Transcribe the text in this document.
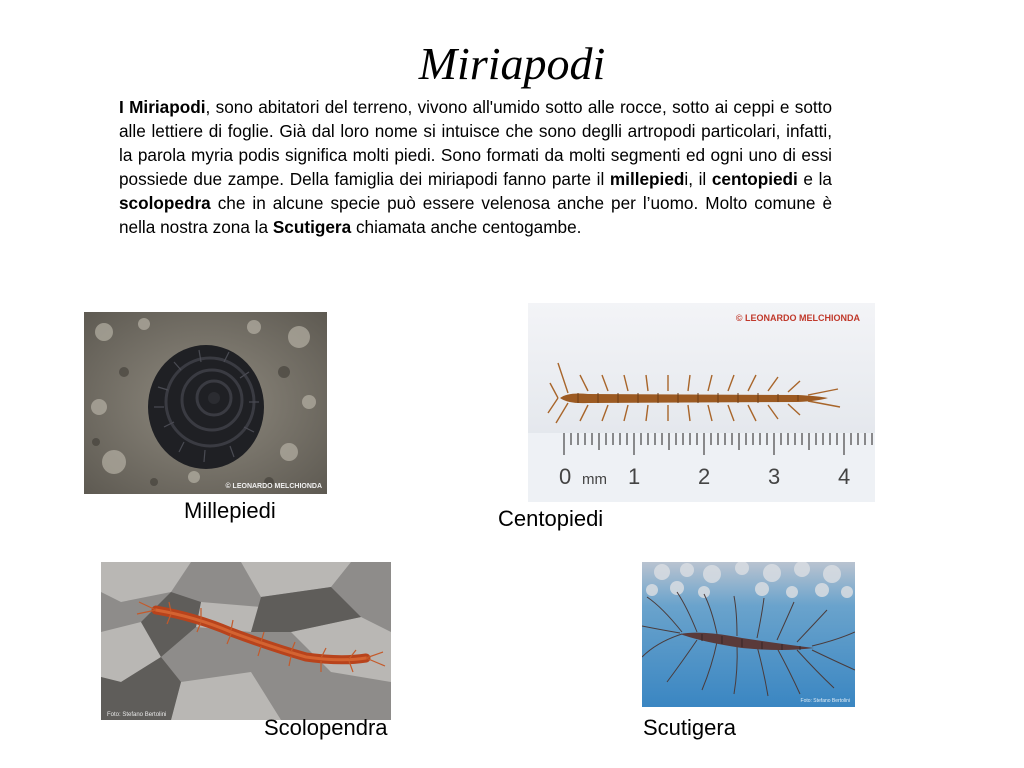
Miriapodi

I Miriapodi, sono abitatori del terreno, vivono all'umido sotto alle rocce, sotto ai ceppi e sotto alle lettiere di foglie. Già dal loro nome si intuisce che sono deglli artropodi particolari, infatti, la parola myria podis significa molti piedi. Sono formati da molti segmenti ed ogni uno di essi possiede due zampe. Della famiglia dei miriapodi fanno parte il millepiedi, il centopiedi e la scolopedra che in alcune specie può essere velenosa anche per l’uomo. Molto comune è nella nostra zona la Scutigera chiamata anche centogambe.

© LEONARDO MELCHIONDA
Millepiedi
© LEONARDO MELCHIONDA
0 mm 1	2	3	4
Centopiedi
Foto: Stefano Bertolini	Scolopendra
Foto: Stefano Bertolini
Scutigera
